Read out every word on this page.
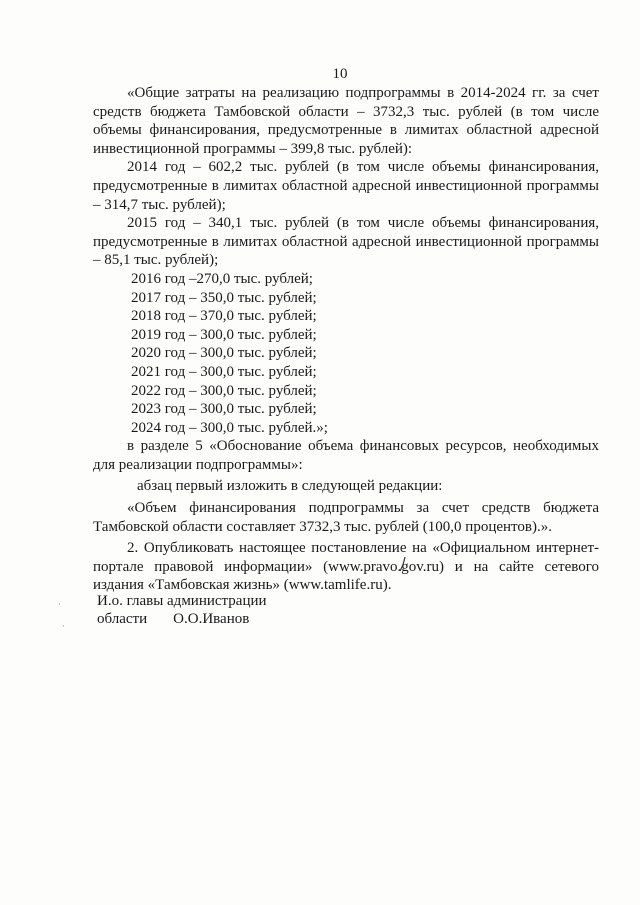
10

«Общие затраты на реализацию подпрограммы в 2014-2024 гг. за счет средств бюджета Тамбовской области – 3732,3 тыс. рублей (в том числе объемы финансирования, предусмотренные в лимитах областной адресной инвестиционной программы – 399,8 тыс. рублей):

2014 год – 602,2 тыс. рублей (в том числе объемы финансирования, предусмотренные в лимитах областной адресной инвестиционной программы – 314,7 тыс. рублей);

2015 год – 340,1 тыс. рублей (в том числе объемы финансирования, предусмотренные в лимитах областной адресной инвестиционной программы – 85,1 тыс. рублей);

2016 год –270,0 тыс. рублей;

2017 год – 350,0 тыс. рублей;

2018 год – 370,0 тыс. рублей;

2019 год – 300,0 тыс. рублей;

2020 год – 300,0 тыс. рублей;

2021 год – 300,0 тыс. рублей;

2022 год – 300,0 тыс. рублей;

2023 год – 300,0 тыс. рублей;

2024 год – 300,0 тыс. рублей.»;

в разделе 5 «Обоснование объема финансовых ресурсов, необходимых для реализации подпрограммы»:

абзац первый изложить в следующей редакции:

«Объем финансирования подпрограммы за счет средств бюджета Тамбовской области составляет 3732,3 тыс. рублей (100,0 процентов).».

2. Опубликовать настоящее постановление на «Официальном интернет-портале правовой информации» (www.pravo.gov.ru) и на сайте сетевого издания «Тамбовская жизнь» (www.tamlife.ru).

И.о. главы администрации
области О.О.Иванов
·
·
